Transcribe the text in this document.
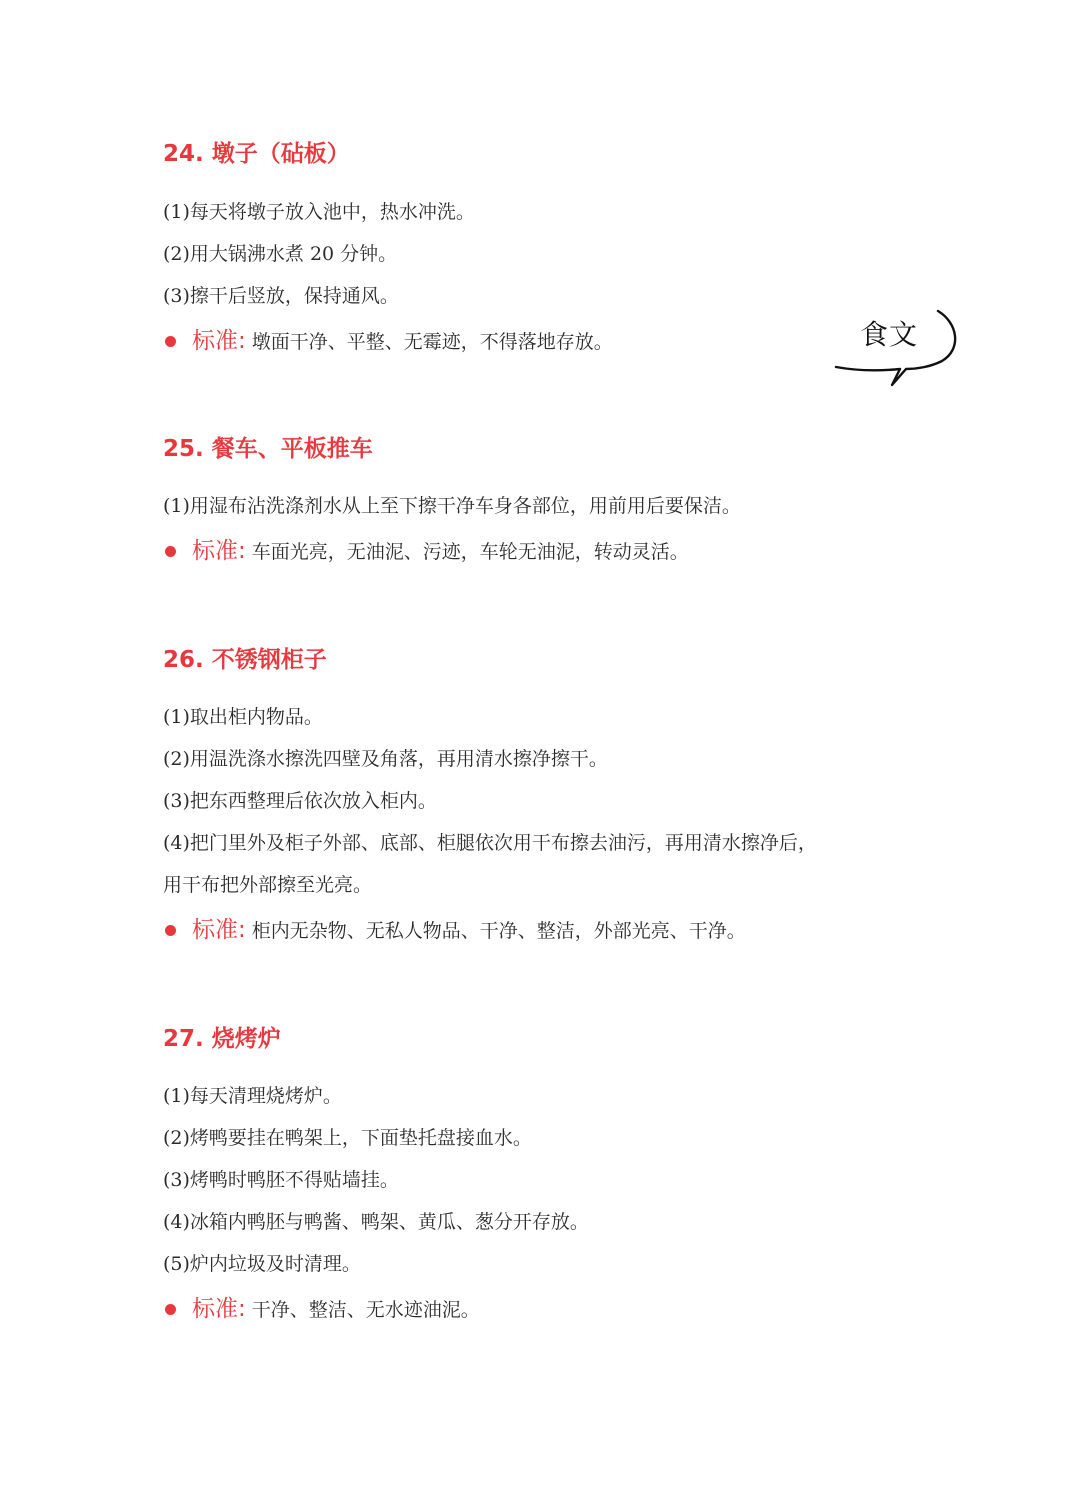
24. 墩子（砧板）
(1)每天将墩子放入池中，热水冲洗。
(2)用大锅沸水煮 20 分钟。
(3)擦干后竖放，保持通风。
标准: 墩面干净、平整、无霉迹，不得落地存放。	食文
25. 餐车、平板推车
(1)用湿布沾洗涤剂水从上至下擦干净车身各部位，用前用后要保洁。
标准: 车面光亮，无油泥、污迹，车轮无油泥，转动灵活。
26. 不锈钢柜子
(1)取出柜内物品。
(2)用温洗涤水擦洗四壁及角落，再用清水擦净擦干。
(3)把东西整理后依次放入柜内。
(4)把门里外及柜子外部、底部、柜腿依次用干布擦去油污，再用清水擦净后，
用干布把外部擦至光亮。
标准: 柜内无杂物、无私人物品、干净、整洁，外部光亮、干净。
27. 烧烤炉
(1)每天清理烧烤炉。
(2)烤鸭要挂在鸭架上，下面垫托盘接血水。
(3)烤鸭时鸭胚不得贴墙挂。
(4)冰箱内鸭胚与鸭酱、鸭架、黄瓜、葱分开存放。
(5)炉内垃圾及时清理。
标准: 干净、整洁、无水迹油泥。
